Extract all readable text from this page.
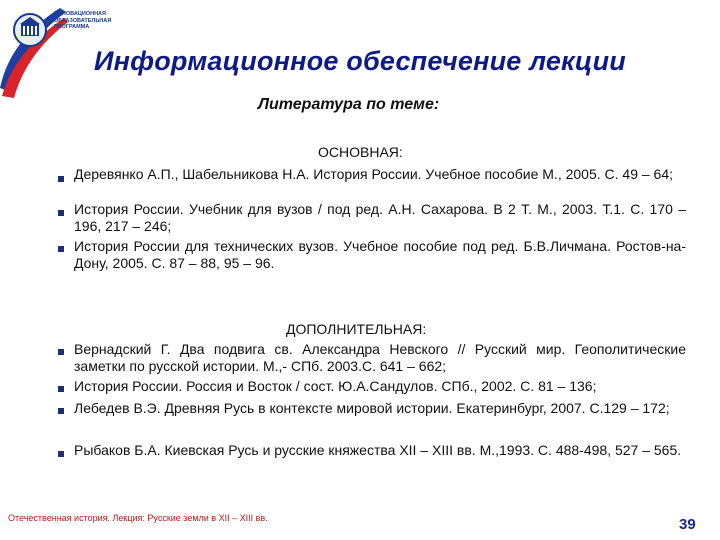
ИННОВАЦИОННАЯ ОБРАЗОВАТЕЛЬНАЯ ПРОГРАММА
Информационное обеспечение лекции
Литература по теме:
ОСНОВНАЯ:
Деревянко А.П., Шабельникова Н.А. История России. Учебное пособие М., 2005. С. 49 – 64;
История России. Учебник для вузов / под ред. А.Н. Сахарова. В 2 Т. М., 2003. Т.1. С. 170 – 196, 217 – 246;
История России для технических вузов. Учебное пособие под ред. Б.В.Личмана. Ростов-на-Дону, 2005. С. 87 – 88, 95 – 96.
ДОПОЛНИТЕЛЬНАЯ:
Вернадский Г. Два подвига св. Александра Невского // Русский мир. Геополитические заметки по русской истории. М.,- СПб. 2003.С. 641 – 662;
История России. Россия и Восток / сост. Ю.А.Сандулов. СПб., 2002. С. 81 – 136;
Лебедев В.Э. Древняя Русь в контексте мировой истории. Екатеринбург, 2007. С.129 – 172;
Рыбаков Б.А. Киевская Русь и русские княжества XII – XIII вв. М.,1993. С. 488-498, 527 – 565.
Отечественная история. Лекция: Русские земли в XII – XIII вв.	39
